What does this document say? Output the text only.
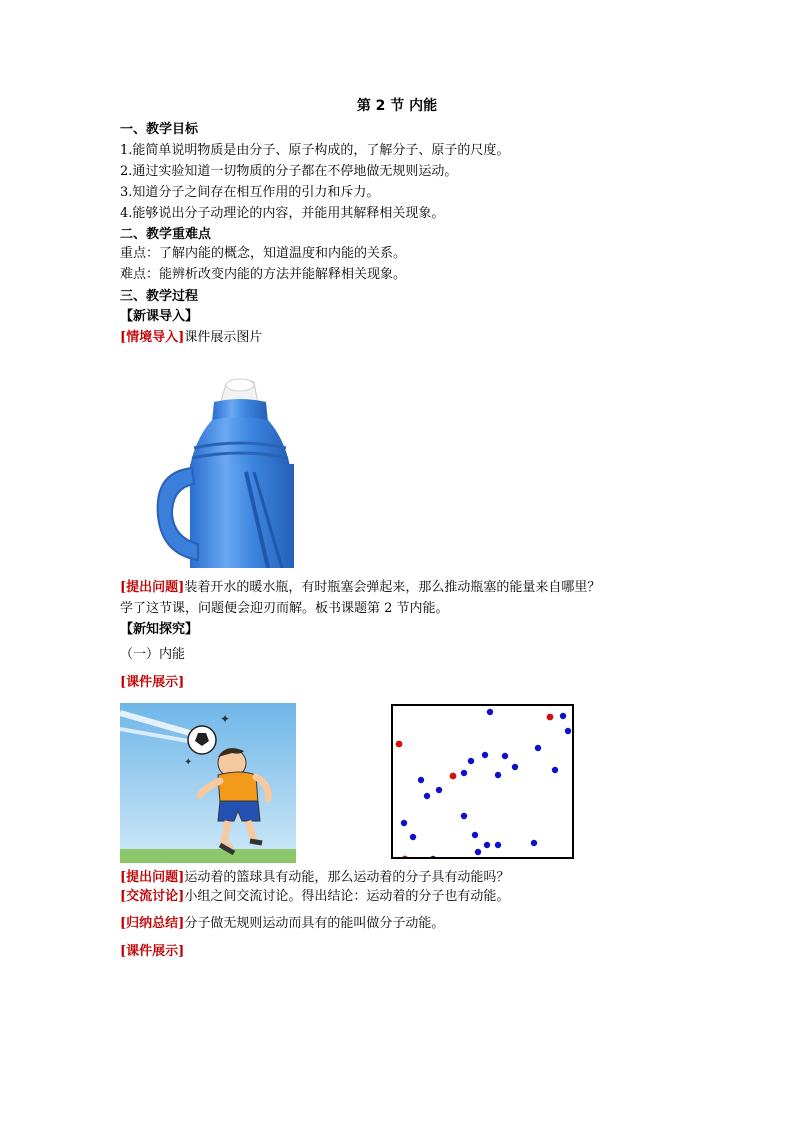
第 2 节 内能
一、教学目标
1.能简单说明物质是由分子、原子构成的，了解分子、原子的尺度。
2.通过实验知道一切物质的分子都在不停地做无规则运动。
3.知道分子之间存在相互作用的引力和斥力。
4.能够说出分子动理论的内容，并能用其解释相关现象。
二、教学重难点
重点：了解内能的概念，知道温度和内能的关系。
难点：能辨析改变内能的方法并能解释相关现象。
三、教学过程
【新课导入】
[情境导入]课件展示图片
[提出问题]装着开水的暖水瓶，有时瓶塞会弹起来，那么推动瓶塞的能量来自哪里？
学了这节课，问题便会迎刃而解。板书课题第 2 节内能。
【新知探究】
（一）内能
[课件展示]
✦
✦
[提出问题]运动着的篮球具有动能，那么运动着的分子具有动能吗？
[交流讨论]小组之间交流讨论。得出结论：运动着的分子也有动能。
[归纳总结]分子做无规则运动而具有的能叫做分子动能。
[课件展示]
